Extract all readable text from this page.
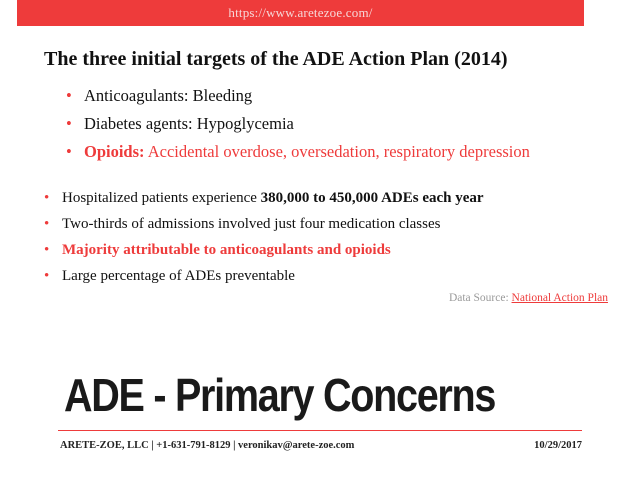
https://www.aretezoe.com/
The three initial targets of the ADE Action Plan (2014)
• Anticoagulants: Bleeding
• Diabetes agents: Hypoglycemia
• Opioids: Accidental overdose, oversedation, respiratory depression
• Hospitalized patients experience 380,000 to 450,000 ADEs each year
• Two-thirds of admissions involved just four medication classes
• Majority attributable to anticoagulants and opioids
• Large percentage of ADEs preventable
Data Source: National Action Plan
ADE - Primary Concerns
ARETE-ZOE, LLC | +1-631-791-8129 | veronikav@arete-zoe.com	10/29/2017
